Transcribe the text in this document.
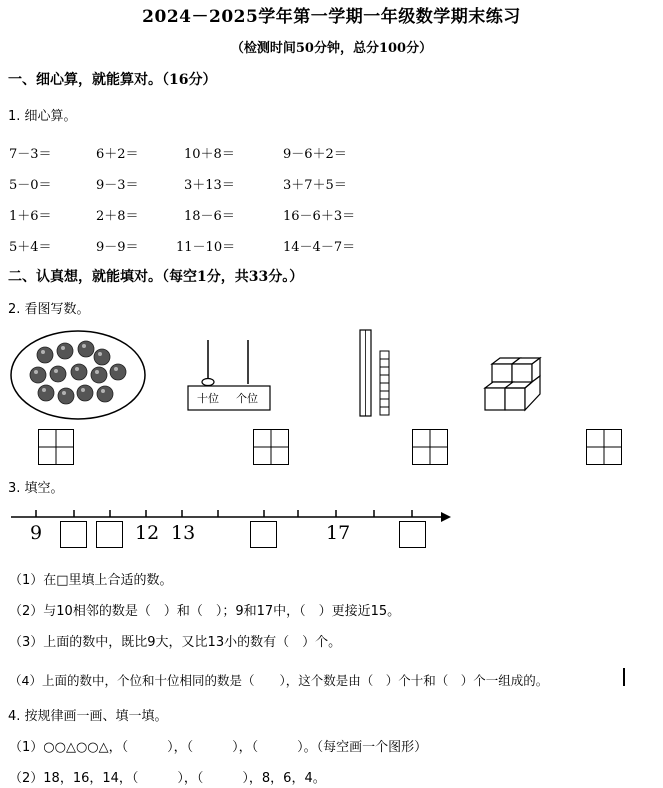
2024－2025学年第一学期一年级数学期末练习
（检测时间50分钟，总分100分）
一、细心算，就能算对。（16分）
1. 细心算。
7－3＝	6＋2＝	10＋8＝	9－6＋2＝
5－0＝	9－3＝	3＋13＝	3＋7＋5＝
1＋6＝	2＋8＝	18－6＝	16－6＋3＝
5＋4＝	9－9＝	11－10＝	14－4－7＝
二、认真想，就能填对。（每空1分，共33分。）
2. 看图写数。
十位 个位
3. 填空。
9	12 13	17
（1）在□里填上合适的数。
（2）与10相邻的数是（　）和（　）；9和17中，（　）更接近15。
（3）上面的数中，既比9大，又比13小的数有（　）个。
（4）上面的数中，个位和十位相同的数是（　　），这个数是由（　）个十和（　）个一组成的。
4. 按规律画一画、填一填。
（1）○○△○○△，（　　　），（　　　），（　　　）。（每空画一个图形）
（2）18，16，14，（　　　），（　　　），8，6，4。
